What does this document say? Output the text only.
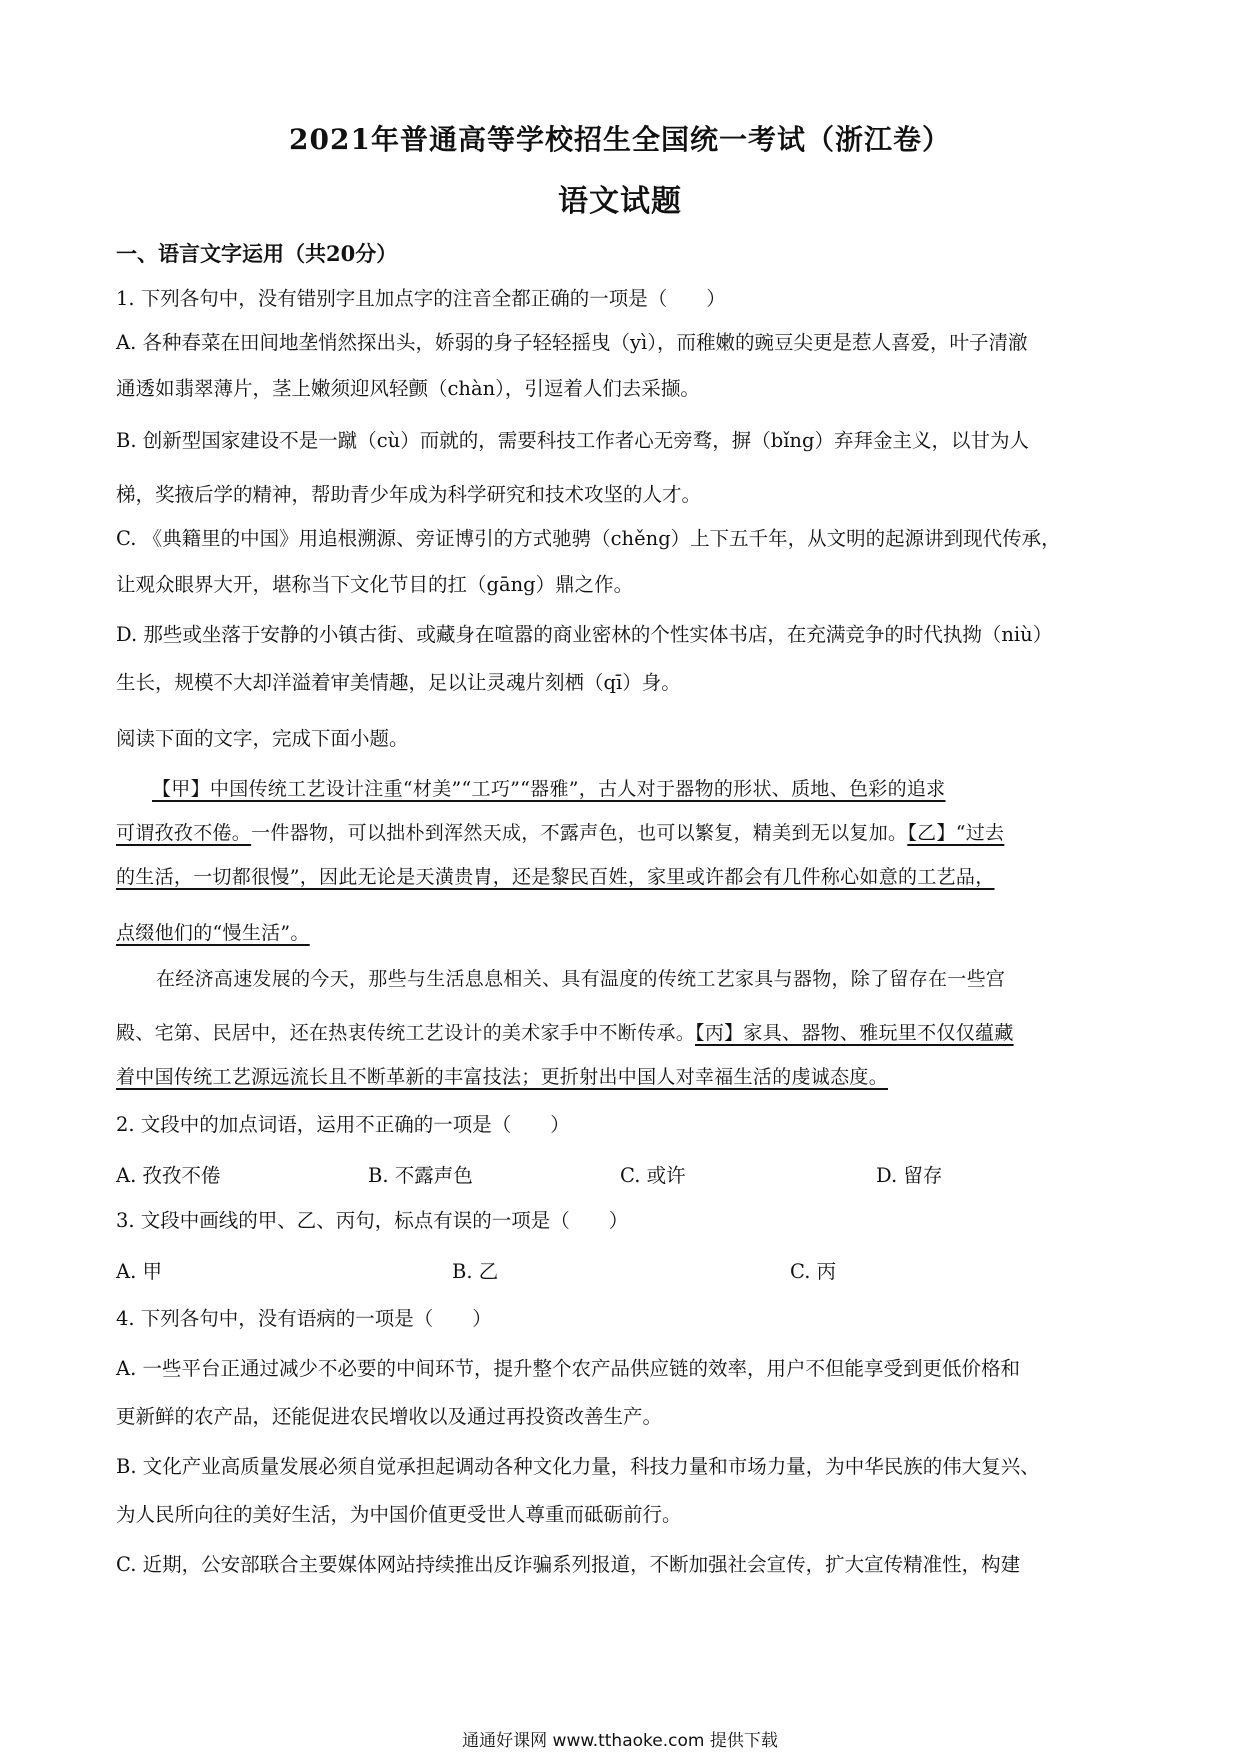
2021年普通高等学校招生全国统一考试（浙江卷）
语文试题
一、语言文字运用（共20分）
1. 下列各句中，没有错别字且加点字的注音全都正确的一项是（　　）
A. 各种春菜在田间地垄悄然探出头，娇弱的身子轻轻摇曳（yì），而稚嫩的豌豆尖更是惹人喜爱，叶子清澈
通透如翡翠薄片，茎上嫩须迎风轻颤（chàn），引逗着人们去采撷。
B. 创新型国家建设不是一蹴（cù）而就的，需要科技工作者心无旁骛，摒（bǐng）弃拜金主义，以甘为人
梯，奖掖后学的精神，帮助青少年成为科学研究和技术攻坚的人才。
C. 《典籍里的中国》用追根溯源、旁证博引的方式驰骋（chěng）上下五千年，从文明的起源讲到现代传承，
让观众眼界大开，堪称当下文化节目的扛（gāng）鼎之作。
D. 那些或坐落于安静的小镇古街、或藏身在喧嚣的商业密林的个性实体书店，在充满竞争的时代执拗（niù）
生长，规模不大却洋溢着审美情趣，足以让灵魂片刻栖（qī）身。
阅读下面的文字，完成下面小题。
【甲】中国传统工艺设计注重“材美”“工巧”“器雅”，古人对于器物的形状、质地、色彩的追求
可谓孜孜不倦。一件器物，可以拙朴到浑然天成，不露声色，也可以繁复，精美到无以复加。【乙】“过去
的生活，一切都很慢”，因此无论是天潢贵胄，还是黎民百姓，家里或许都会有几件称心如意的工艺品，
点缀他们的“慢生活”。
在经济高速发展的今天，那些与生活息息相关、具有温度的传统工艺家具与器物，除了留存在一些宫
殿、宅第、民居中，还在热衷传统工艺设计的美术家手中不断传承。【丙】家具、器物、雅玩里不仅仅蕴藏
着中国传统工艺源远流长且不断革新的丰富技法；更折射出中国人对幸福生活的虔诚态度。
2. 文段中的加点词语，运用不正确的一项是（　　）
A. 孜孜不倦	B. 不露声色	C. 或许	D. 留存
3. 文段中画线的甲、乙、丙句，标点有误的一项是（　　）
A. 甲	B. 乙	C. 丙
4. 下列各句中，没有语病的一项是（　　）
A. 一些平台正通过减少不必要的中间环节，提升整个农产品供应链的效率，用户不但能享受到更低价格和
更新鲜的农产品，还能促进农民增收以及通过再投资改善生产。
B. 文化产业高质量发展必须自觉承担起调动各种文化力量，科技力量和市场力量，为中华民族的伟大复兴、
为人民所向往的美好生活，为中国价值更受世人尊重而砥砺前行。
C. 近期，公安部联合主要媒体网站持续推出反诈骗系列报道，不断加强社会宣传，扩大宣传精准性，构建
通通好课网 www.tthaoke.com 提供下载
